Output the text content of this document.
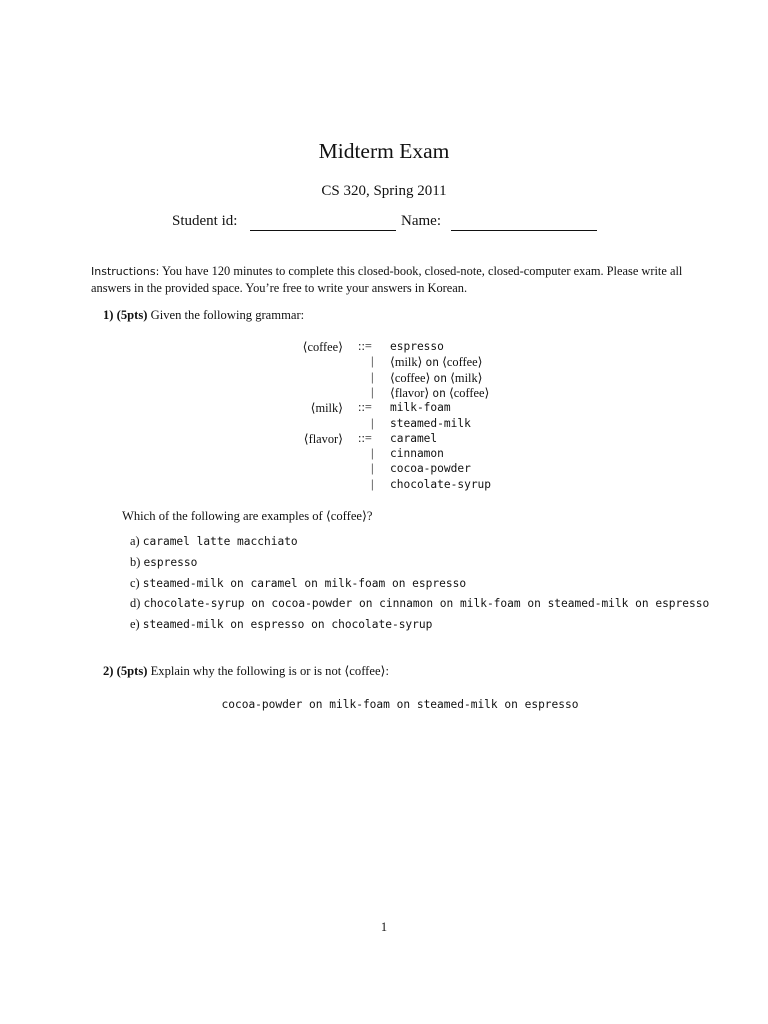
Midterm Exam
CS 320, Spring 2011
Student id:	Name:
Instructions: You have 120 minutes to complete this closed-book, closed-note, closed-computer exam. Please write all answers in the provided space. You’re free to write your answers in Korean.
1) (5pts) Given the following grammar:
⟨coffee⟩ ::= espresso
| ⟨milk⟩ on ⟨coffee⟩
| ⟨coffee⟩ on ⟨milk⟩
| ⟨flavor⟩ on ⟨coffee⟩
⟨milk⟩ ::= milk-foam
| steamed-milk
⟨flavor⟩ ::= caramel
| cinnamon
| cocoa-powder
| chocolate-syrup
Which of the following are examples of ⟨coffee⟩?
a) caramel latte macchiato
b) espresso
c) steamed-milk on caramel on milk-foam on espresso
d) chocolate-syrup on cocoa-powder on cinnamon on milk-foam on steamed-milk on espresso
e) steamed-milk on espresso on chocolate-syrup
2) (5pts) Explain why the following is or is not ⟨coffee⟩:
cocoa-powder on milk-foam on steamed-milk on espresso
1
